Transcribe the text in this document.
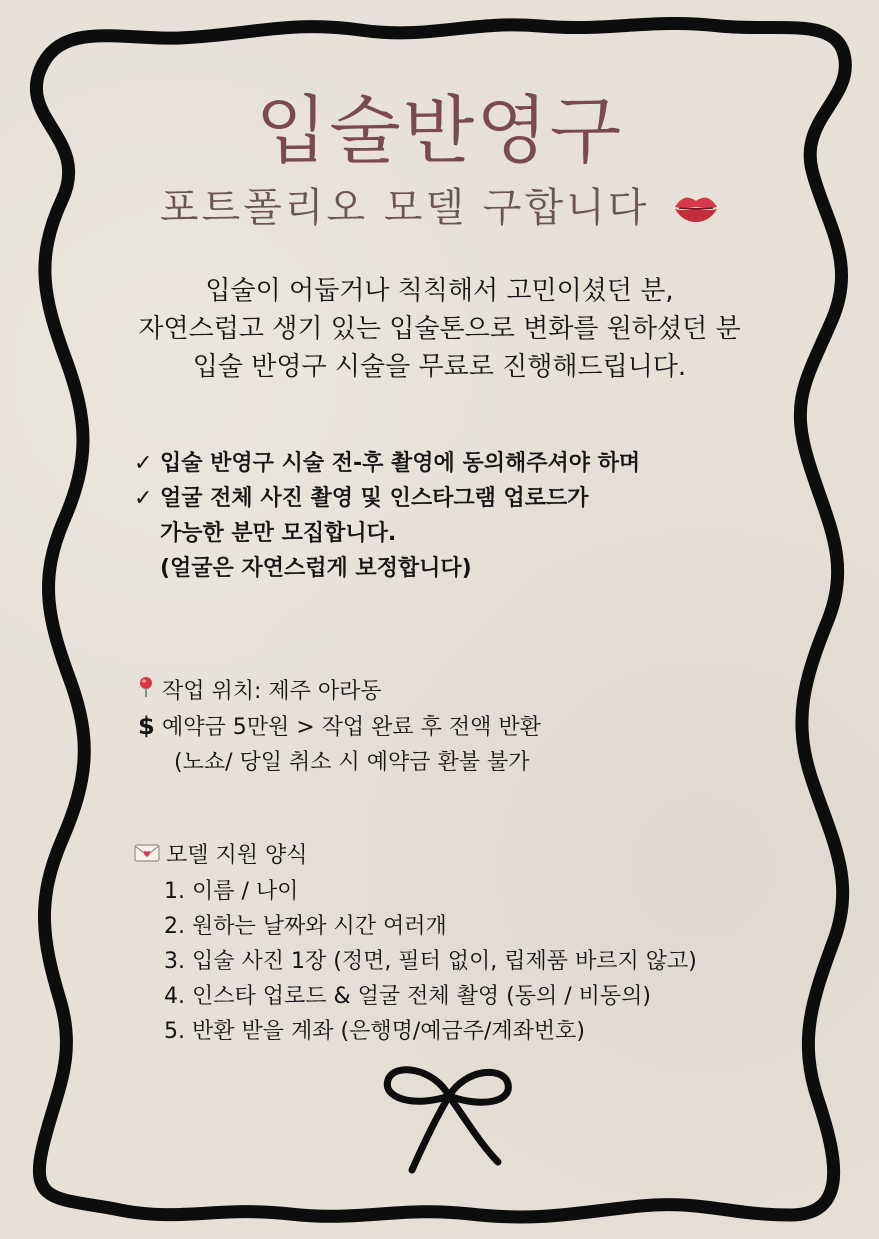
입술반영구
포트폴리오 모델 구합니다
입술이 어둡거나 칙칙해서 고민이셨던 분,
자연스럽고 생기 있는 입술톤으로 변화를 원하셨던 분
입술 반영구 시술을 무료로 진행해드립니다.
✓ 입술 반영구 시술 전-후 촬영에 동의해주셔야 하며
✓ 얼굴 전체 사진 촬영 및 인스타그램 업로드가
가능한 분만 모집합니다.
(얼굴은 자연스럽게 보정합니다)
작업 위치: 제주 아라동
$ 예약금 5만원 > 작업 완료 후 전액 반환
(노쇼/ 당일 취소 시 예약금 환불 불가
모델 지원 양식
1. 이름 / 나이
2. 원하는 날짜와 시간 여러개
3. 입술 사진 1장 (정면, 필터 없이, 립제품 바르지 않고)
4. 인스타 업로드 & 얼굴 전체 촬영 (동의 / 비동의)
5. 반환 받을 계좌 (은행명/예금주/계좌번호)
